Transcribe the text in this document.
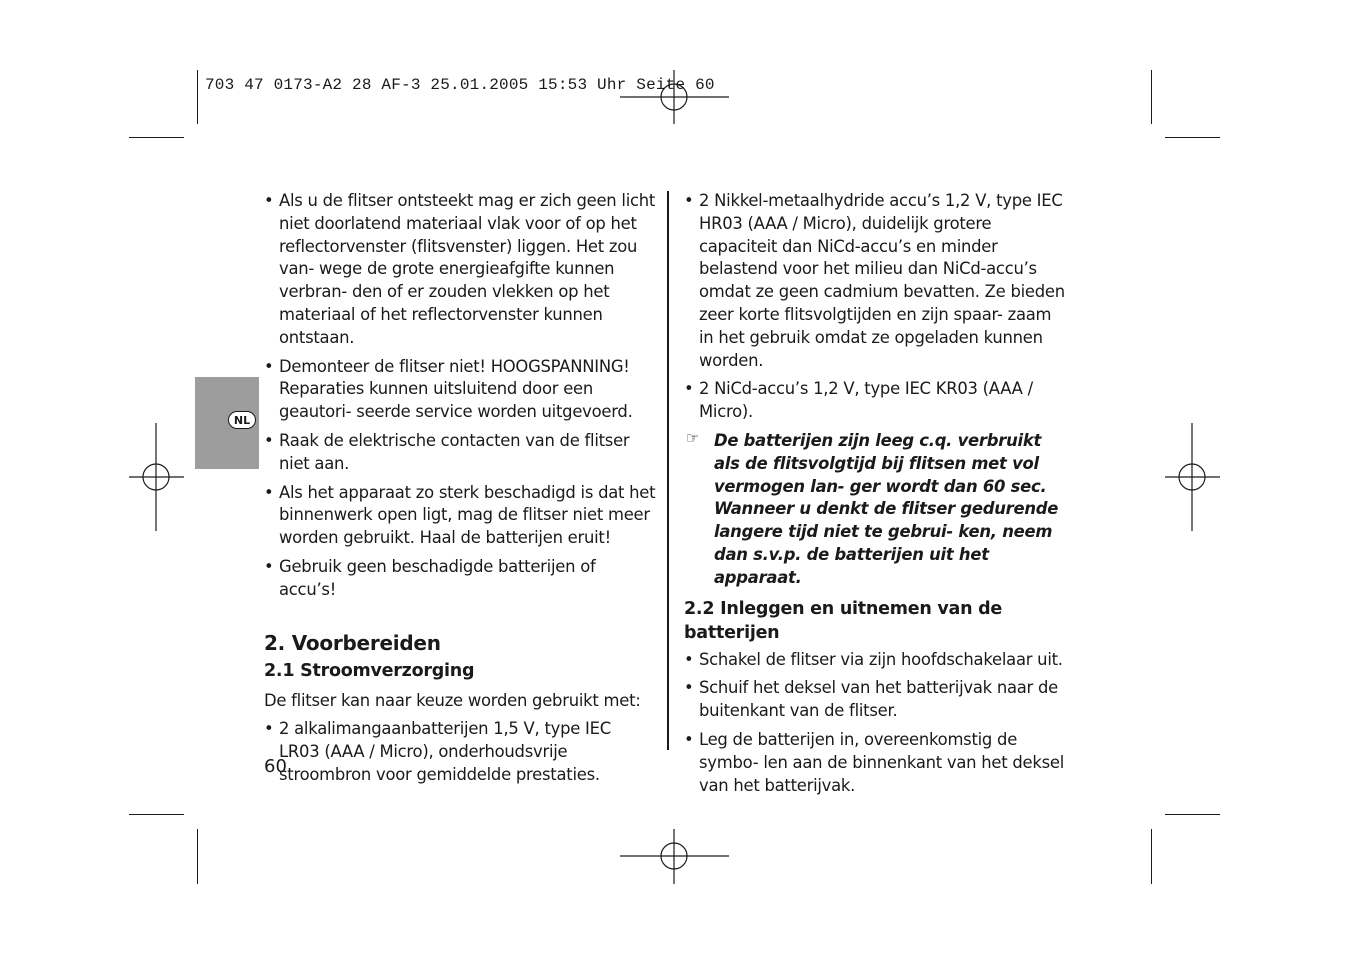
703 47 0173-A2 28 AF-3 25.01.2005 15:53 Uhr Seite 60
NL

• Als u de flitser ontsteekt mag er zich geen licht niet doorlatend materiaal vlak voor of op het reflectorvenster (flitsvenster) liggen. Het zou van- wege de grote energieafgifte kunnen verbran- den of er zouden vlekken op het materiaal of het reflectorvenster kunnen ontstaan.

• Demonteer de flitser niet! HOOGSPANNING! Reparaties kunnen uitsluitend door een geautori- seerde service worden uitgevoerd.

• Raak de elektrische contacten van de flitser niet aan.

• Als het apparaat zo sterk beschadigd is dat het binnenwerk open ligt, mag de flitser niet meer worden gebruikt. Haal de batterijen eruit!

• Gebruik geen beschadigde batterijen of accu’s!

2. Voorbereiden

2.1 Stroomverzorging

De flitser kan naar keuze worden gebruikt met:

• 2 alkalimangaanbatterijen 1,5 V, type IEC LR03 (AAA / Micro), onderhoudsvrije stroombron voor gemiddelde prestaties.

• 2 Nikkel-metaalhydride accu’s 1,2 V, type IEC HR03 (AAA / Micro), duidelijk grotere capaciteit dan NiCd-accu’s en minder belastend voor het milieu dan NiCd-accu’s omdat ze geen cadmium bevatten. Ze bieden zeer korte flitsvolgtijden en zijn spaar- zaam in het gebruik omdat ze opgeladen kunnen worden.

• 2 NiCd-accu’s 1,2 V, type IEC KR03 (AAA / Micro).

☞ De batterijen zijn leeg c.q. verbruikt als de flitsvolgtijd bij flitsen met vol vermogen lan- ger wordt dan 60 sec. Wanneer u denkt de flitser gedurende langere tijd niet te gebrui- ken, neem dan s.v.p. de batterijen uit het apparaat.

2.2 Inleggen en uitnemen van de batterijen

• Schakel de flitser via zijn hoofdschakelaar uit.

• Schuif het deksel van het batterijvak naar de buitenkant van de flitser.

• Leg de batterijen in, overeenkomstig de symbo- len aan de binnenkant van het deksel van het batterijvak.

60
